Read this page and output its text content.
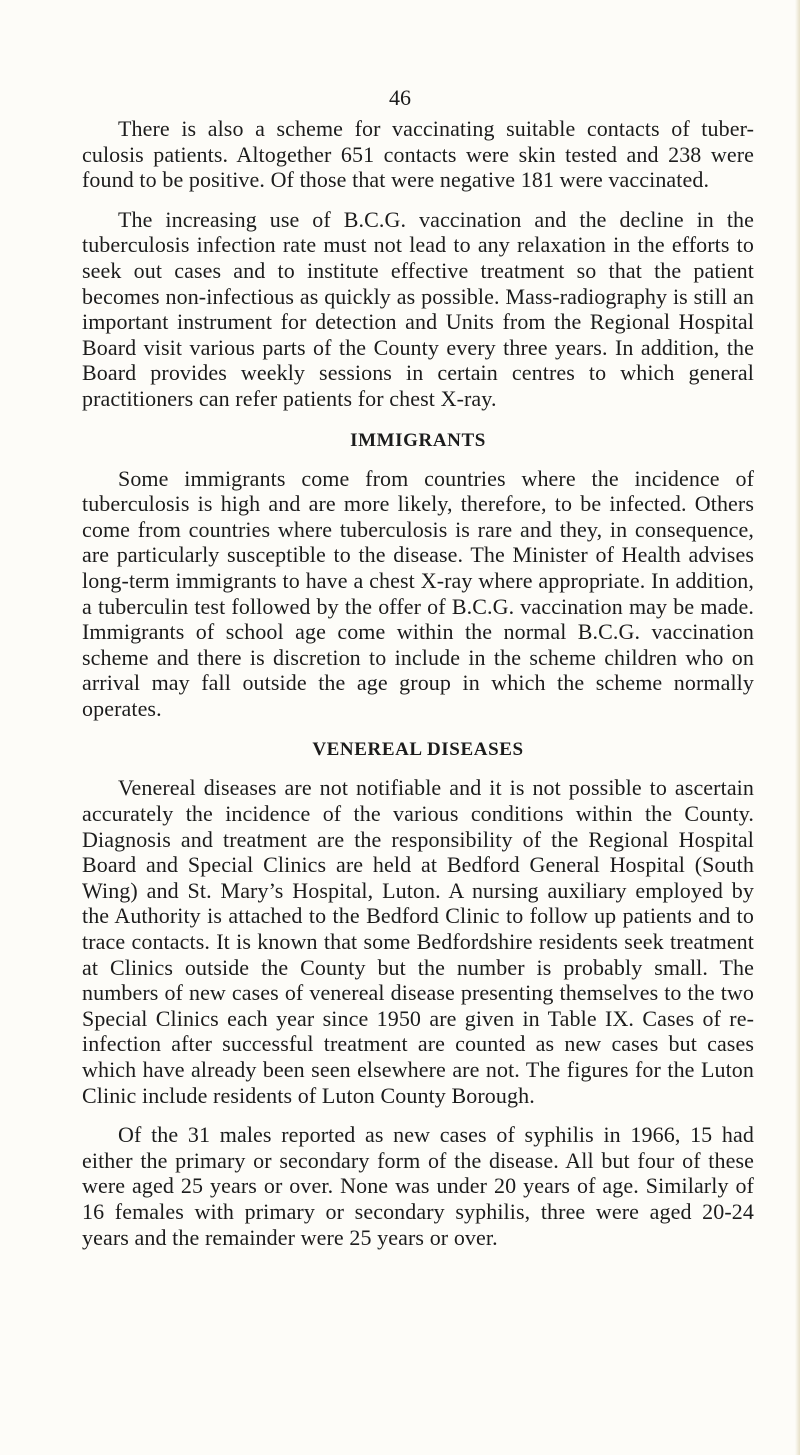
46

There is also a scheme for vaccinating suitable contacts of tuber-culosis patients. Altogether 651 contacts were skin tested and 238 were found to be positive. Of those that were negative 181 were vaccinated.

The increasing use of B.C.G. vaccination and the decline in the tuberculosis infection rate must not lead to any relaxation in the efforts to seek out cases and to institute effective treatment so that the patient becomes non-infectious as quickly as possible. Mass-radiography is still an important instrument for detection and Units from the Regional Hospital Board visit various parts of the County every three years. In addition, the Board provides weekly sessions in certain centres to which general practitioners can refer patients for chest X-ray.

IMMIGRANTS

Some immigrants come from countries where the incidence of tuberculosis is high and are more likely, therefore, to be infected. Others come from countries where tuberculosis is rare and they, in consequence, are particularly susceptible to the disease. The Minister of Health advises long-term immigrants to have a chest X-ray where appropriate. In addition, a tuberculin test followed by the offer of B.C.G. vaccination may be made. Immigrants of school age come within the normal B.C.G. vaccination scheme and there is discretion to include in the scheme children who on arrival may fall outside the age group in which the scheme normally operates.

VENEREAL DISEASES

Venereal diseases are not notifiable and it is not possible to ascertain accurately the incidence of the various conditions within the County. Diagnosis and treatment are the responsibility of the Regional Hospital Board and Special Clinics are held at Bedford General Hospital (South Wing) and St. Mary’s Hospital, Luton. A nursing auxiliary employed by the Authority is attached to the Bedford Clinic to follow up patients and to trace contacts. It is known that some Bedfordshire residents seek treatment at Clinics outside the County but the number is probably small. The numbers of new cases of venereal disease presenting themselves to the two Special Clinics each year since 1950 are given in Table IX. Cases of re-infection after successful treatment are counted as new cases but cases which have already been seen elsewhere are not. The figures for the Luton Clinic include residents of Luton County Borough.

Of the 31 males reported as new cases of syphilis in 1966, 15 had either the primary or secondary form of the disease. All but four of these were aged 25 years or over. None was under 20 years of age. Similarly of 16 females with primary or secondary syphilis, three were aged 20-24 years and the remainder were 25 years or over.
